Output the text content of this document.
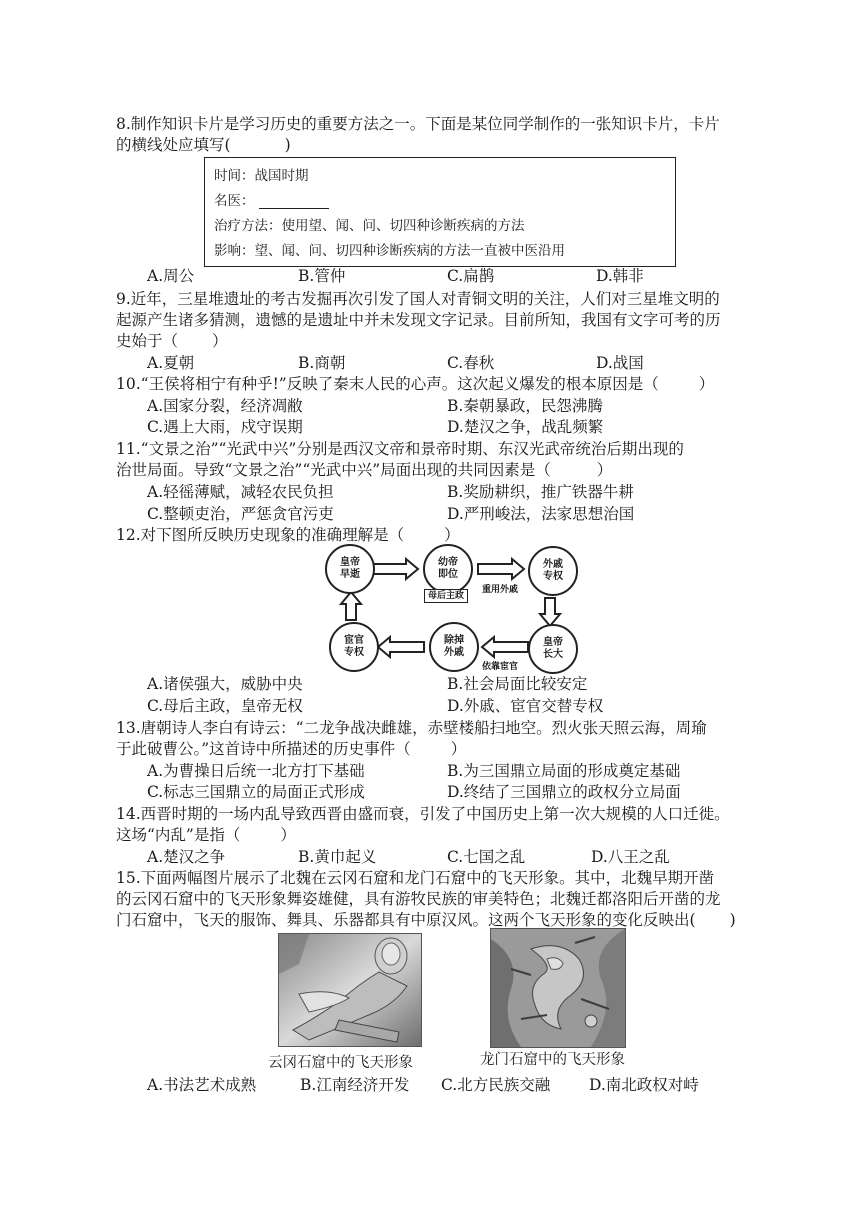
8.制作知识卡片是学习历史的重要方法之一。下面是某位同学制作的一张知识卡片，卡片
的横线处应填写(	)
时间：战国时期
名医：
治疗方法：使用望、闻、问、切四种诊断疾病的方法
影响：望、闻、问、切四种诊断疾病的方法一直被中医沿用
A.周公	B.管仲	C.扁鹊	D.韩非
9.近年，三星堆遗址的考古发掘再次引发了国人对青铜文明的关注，人们对三星堆文明的
起源产生诸多猜测，遗憾的是遗址中并未发现文字记录。目前所知，我国有文字可考的历
史始于（ ）
A.夏朝	B.商朝	C.春秋	D.战国
10.“王侯将相宁有种乎!”反映了秦末人民的心声。这次起义爆发的根本原因是（	）
A.国家分裂，经济凋敝	B.秦朝暴政，民怨沸腾
C.遇上大雨，戍守误期	D.楚汉之争，战乱频繁
11.“文景之治”“光武中兴”分别是西汉文帝和景帝时期、东汉光武帝统治后期出现的
治世局面。导致“文景之治”“光武中兴”局面出现的共同因素是（	）
A.轻徭薄赋，减轻农民负担	B.奖励耕织，推广铁器牛耕
C.整顿吏治，严惩贪官污吏	D.严刑峻法，法家思想治国
12.对下图所反映历史现象的准确理解是（	）
皇帝早逝
幼帝即位
外戚专权
皇帝长大
除掉外戚
宦官专权
母后主政
重用外戚
依靠宦官
A.诸侯强大，威胁中央	B.社会局面比较安定
C.母后主政，皇帝无权	D.外戚、宦官交替专权
13.唐朝诗人李白有诗云：“二龙争战决雌雄，赤壁楼船扫地空。烈火张天照云海，周瑜
于此破曹公。”这首诗中所描述的历史事件（	）
A.为曹操日后统一北方打下基础	B.为三国鼎立局面的形成奠定基础
C.标志三国鼎立的局面正式形成	D.终结了三国鼎立的政权分立局面
14.西晋时期的一场内乱导致西晋由盛而衰，引发了中国历史上第一次大规模的人口迁徙。
这场“内乱”是指（	）
A.楚汉之争	B.黄巾起义	C.七国之乱	D.八王之乱
15.下面两幅图片展示了北魏在云冈石窟和龙门石窟中的飞天形象。其中，北魏早期开凿
的云冈石窟中的飞天形象舞姿雄健，具有游牧民族的审美特色；北魏迁都洛阳后开凿的龙
门石窟中，飞天的服饰、舞具、乐器都具有中原汉风。这两个飞天形象的变化反映出( )
云冈石窟中的飞天形象	龙门石窟中的飞天形象
A.书法艺术成熟	B.江南经济开发 C.北方民族交融	D.南北政权对峙
